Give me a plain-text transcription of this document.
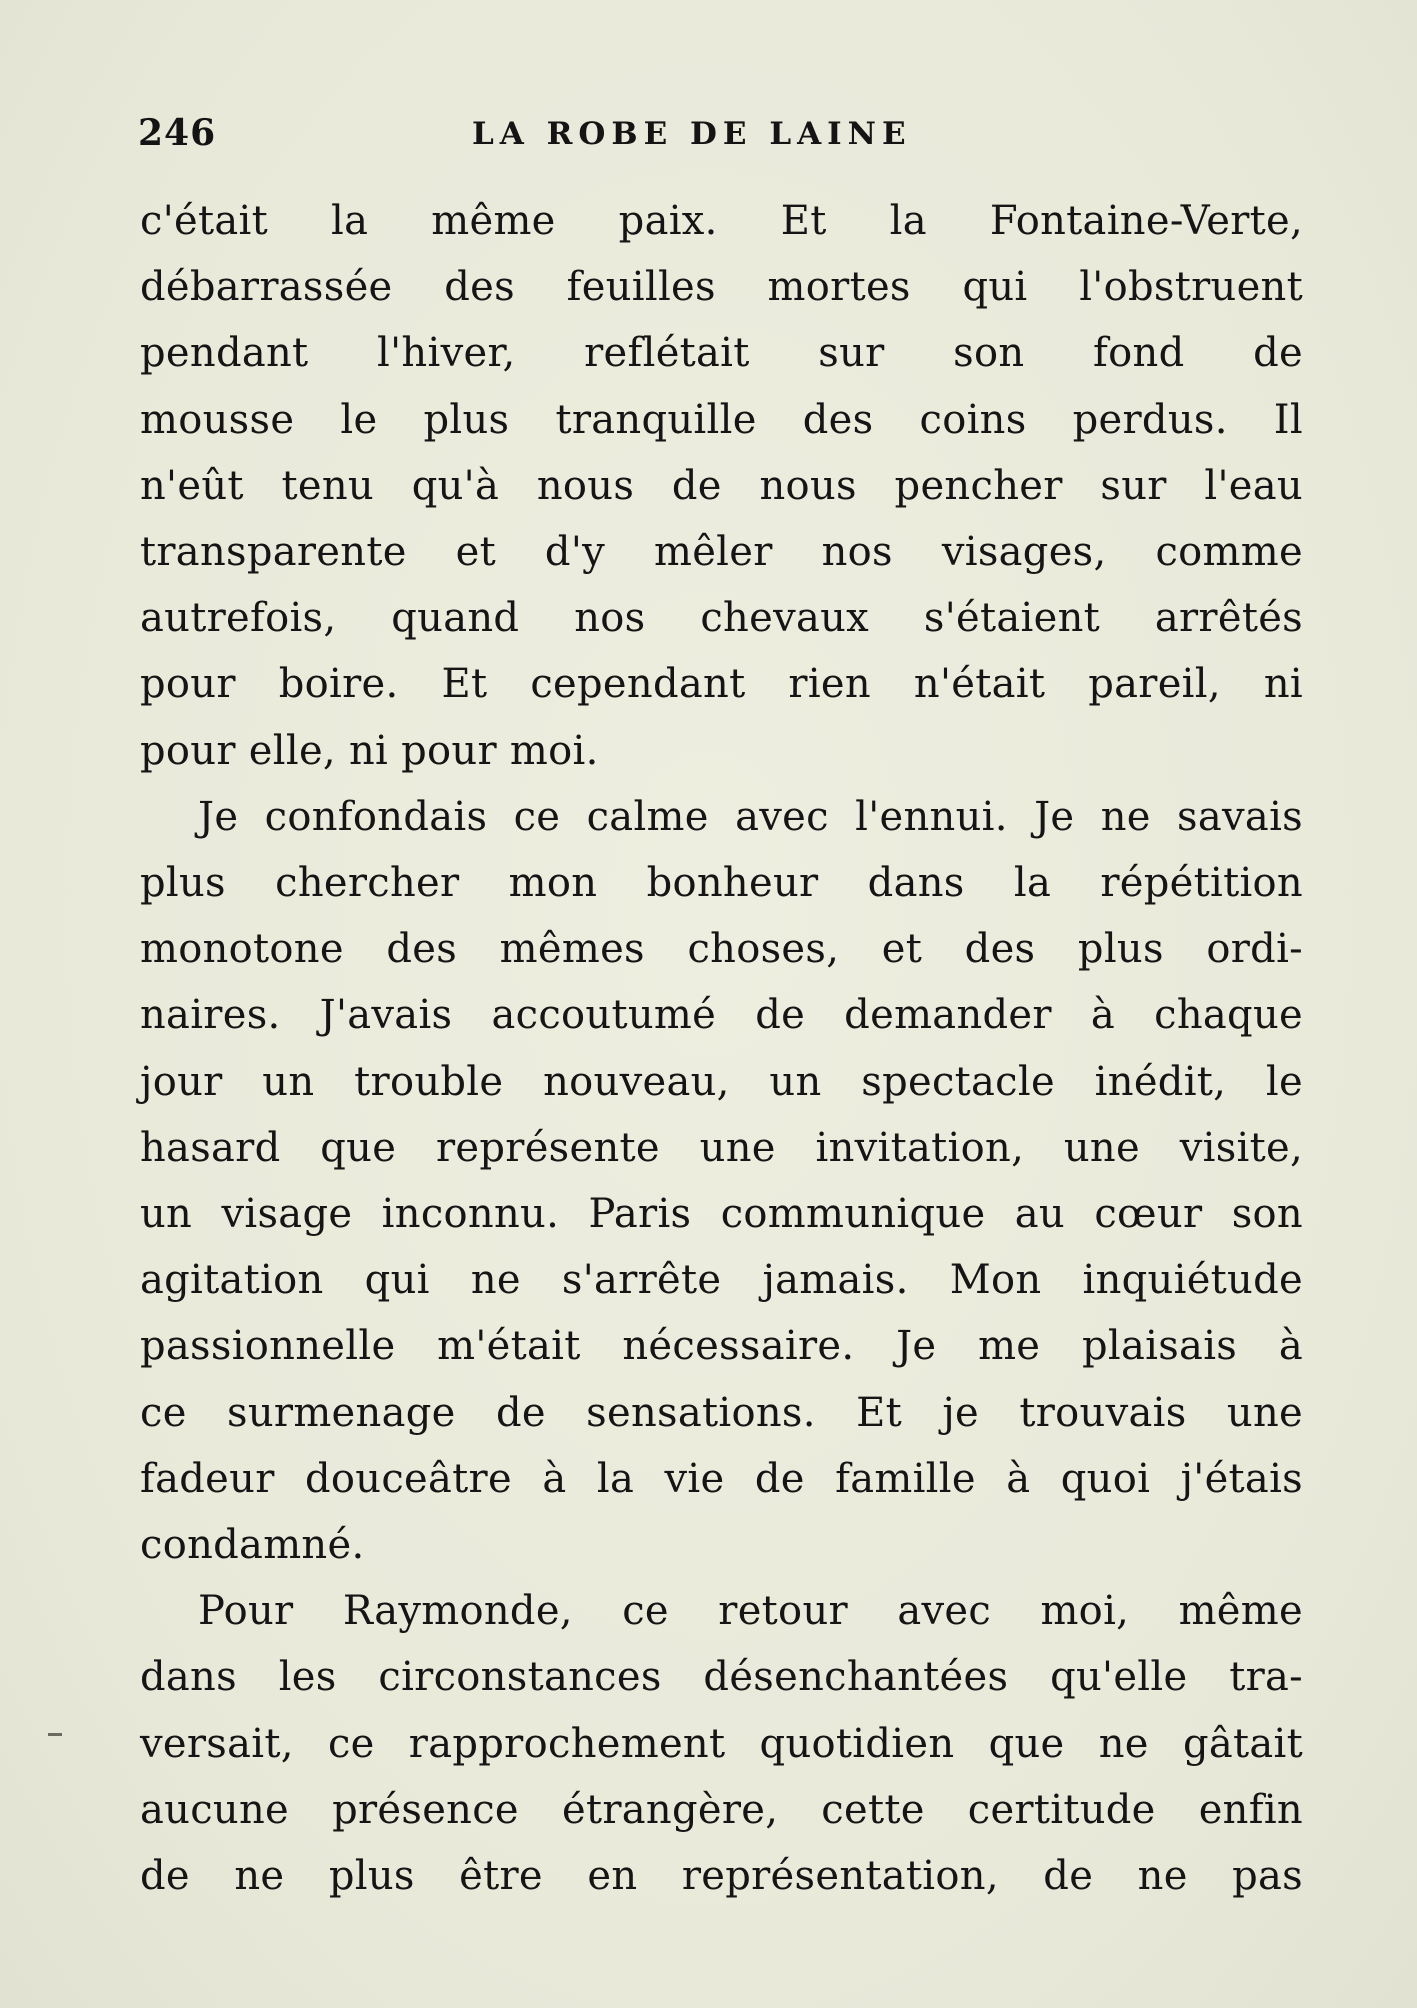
246	LA ROBE DE LAINE

c'était la même paix. Et la Fontaine-Verte,
débarrassée des feuilles mortes qui l'obstruent
pendant l'hiver, reflétait sur son fond de
mousse le plus tranquille des coins perdus. Il
n'eût tenu qu'à nous de nous pencher sur l'eau
transparente et d'y mêler nos visages, comme
autrefois, quand nos chevaux s'étaient arrêtés
pour boire. Et cependant rien n'était pareil, ni
pour elle, ni pour moi.

Je confondais ce calme avec l'ennui. Je ne savais
plus chercher mon bonheur dans la répétition
monotone des mêmes choses, et des plus ordi-
naires. J'avais accoutumé de demander à chaque
jour un trouble nouveau, un spectacle inédit, le
hasard que représente une invitation, une visite,
un visage inconnu. Paris communique au cœur son
agitation qui ne s'arrête jamais. Mon inquiétude
passionnelle m'était nécessaire. Je me plaisais à
ce surmenage de sensations. Et je trouvais une
fadeur douceâtre à la vie de famille à quoi j'étais
condamné.

Pour Raymonde, ce retour avec moi, même
dans les circonstances désenchantées qu'elle tra-
versait, ce rapprochement quotidien que ne gâtait
aucune présence étrangère, cette certitude enfin
de ne plus être en représentation, de ne pas
